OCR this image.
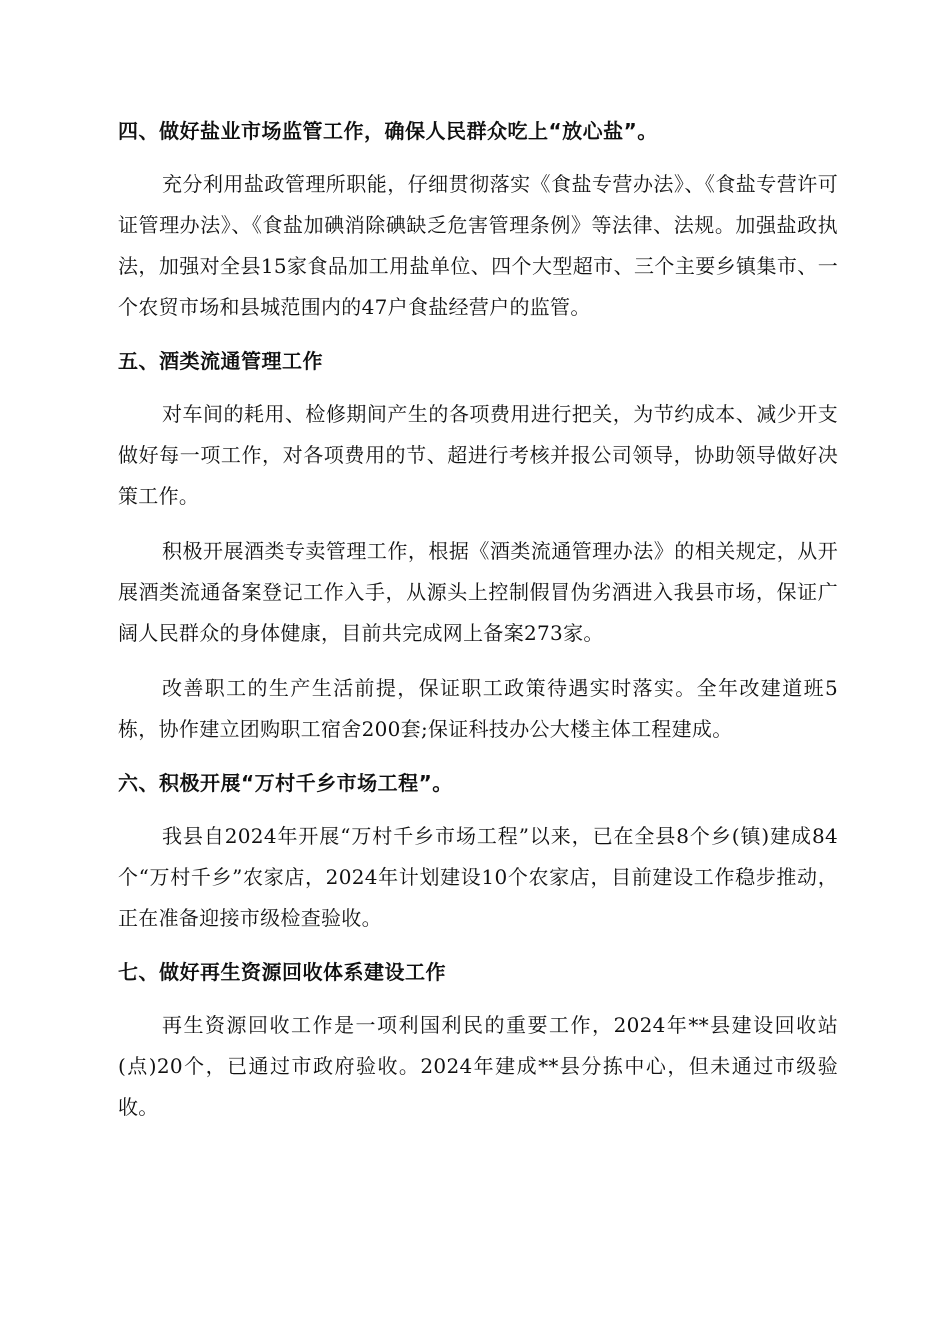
四、做好盐业市场监管工作，确保人民群众吃上“放心盐”。

充分利用盐政管理所职能，仔细贯彻落实《食盐专营办法》、《食盐专营许可证管理办法》、《食盐加碘消除碘缺乏危害管理条例》等法律、法规。加强盐政执法，加强对全县15家食品加工用盐单位、四个大型超市、三个主要乡镇集市、一个农贸市场和县城范围内的47户食盐经营户的监管。

五、酒类流通管理工作

对车间的耗用、检修期间产生的各项费用进行把关，为节约成本、减少开支做好每一项工作，对各项费用的节、超进行考核并报公司领导，协助领导做好决策工作。

积极开展酒类专卖管理工作，根据《酒类流通管理办法》的相关规定，从开展酒类流通备案登记工作入手，从源头上控制假冒伪劣酒进入我县市场，保证广阔人民群众的身体健康，目前共完成网上备案273家。

改善职工的生产生活前提，保证职工政策待遇实时落实。全年改建道班5栋，协作建立团购职工宿舍200套;保证科技办公大楼主体工程建成。

六、积极开展“万村千乡市场工程”。

我县自2024年开展“万村千乡市场工程”以来，已在全县8个乡(镇)建成84个“万村千乡”农家店，2024年计划建设10个农家店，目前建设工作稳步推动，正在准备迎接市级检查验收。

七、做好再生资源回收体系建设工作

再生资源回收工作是一项利国利民的重要工作，2024年**县建设回收站(点)20个，已通过市政府验收。2024年建成**县分拣中心，但未通过市级验收。
